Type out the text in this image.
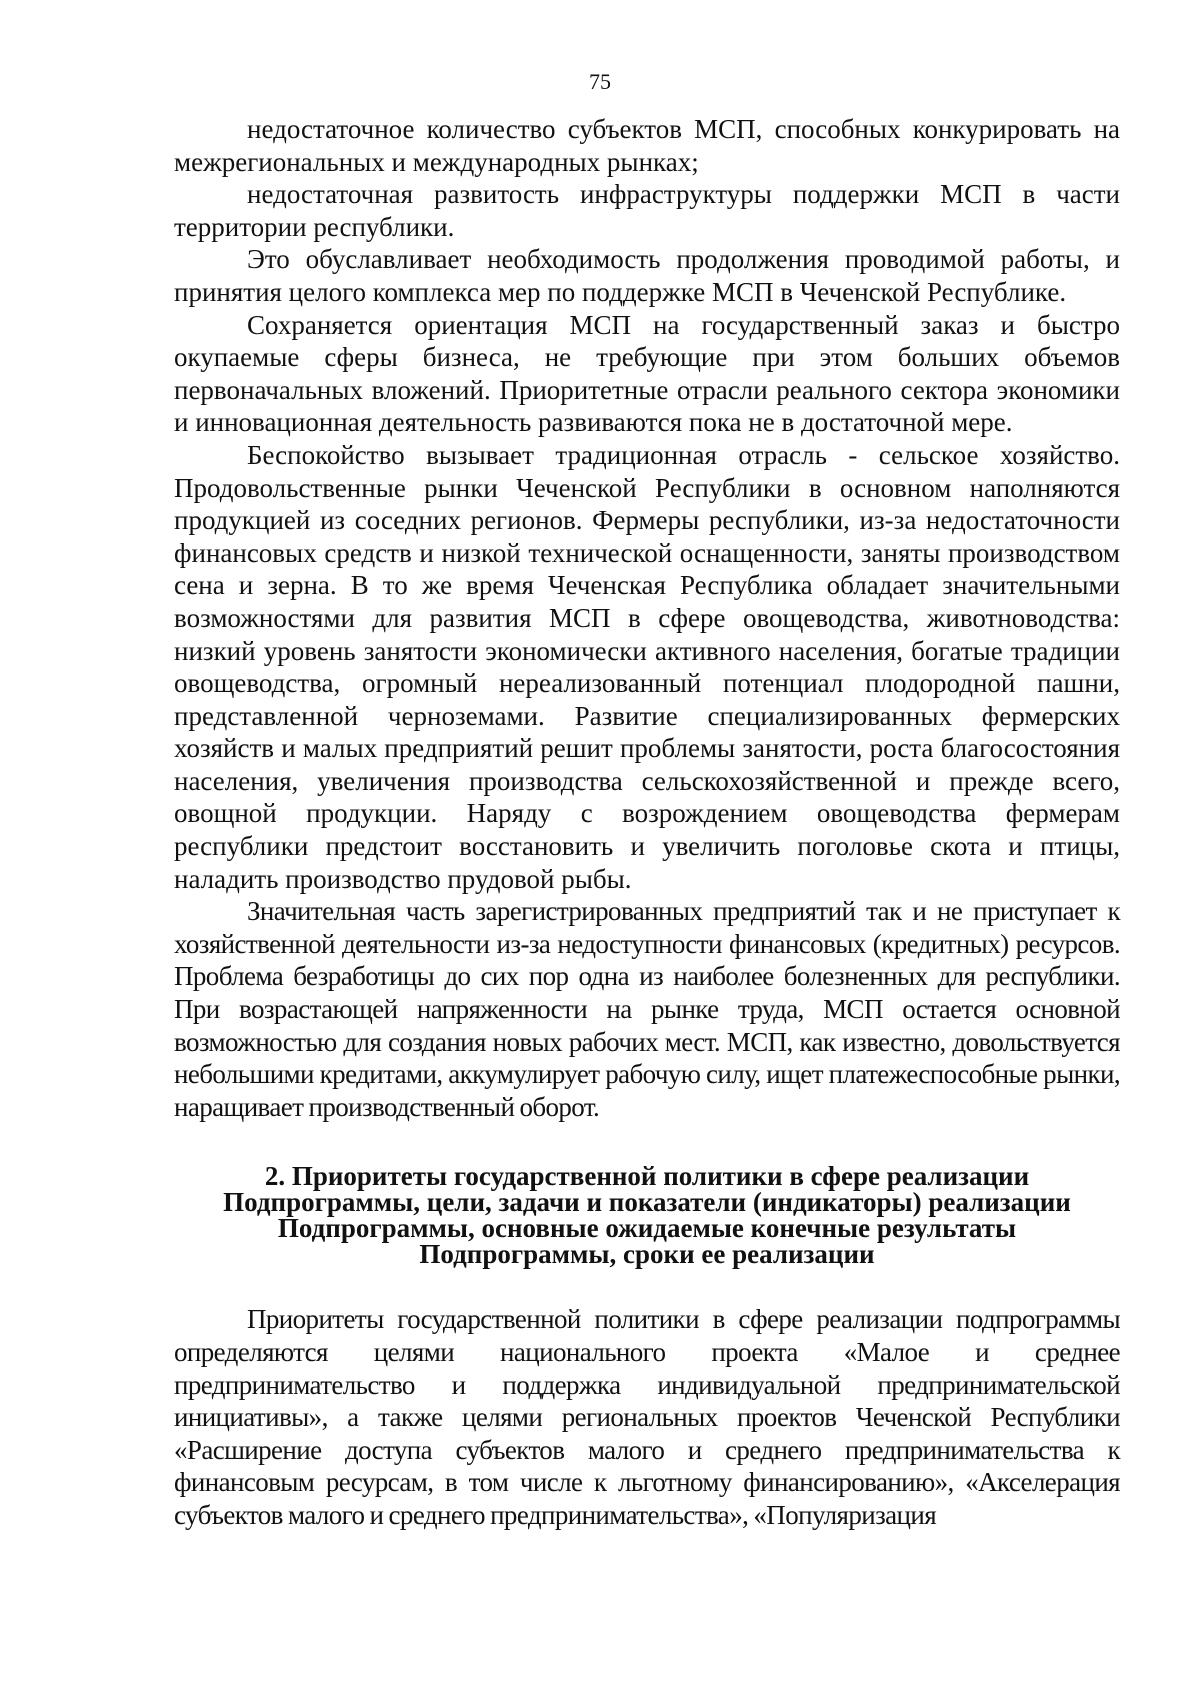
75

недостаточное количество субъектов МСП, способных конкурировать на межрегиональных и международных рынках;

недостаточная развитость инфраструктуры поддержки МСП в части территории республики.

Это обуславливает необходимость продолжения проводимой работы, и принятия целого комплекса мер по поддержке МСП в Чеченской Республике.

Сохраняется ориентация МСП на государственный заказ и быстро окупаемые сферы бизнеса, не требующие при этом больших объемов первоначальных вложений. Приоритетные отрасли реального сектора экономики и инновационная деятельность развиваются пока не в достаточной мере.

Беспокойство вызывает традиционная отрасль - сельское хозяйство. Продовольственные рынки Чеченской Республики в основном наполняются продукцией из соседних регионов. Фермеры республики, из-за недостаточности финансовых средств и низкой технической оснащенности, заняты производством сена и зерна. В то же время Чеченская Республика обладает значительными возможностями для развития МСП в сфере овощеводства, животноводства: низкий уровень занятости экономически активного населения, богатые традиции овощеводства, огромный нереализованный потенциал плодородной пашни, представленной черноземами. Развитие специализированных фермерских хозяйств и малых предприятий решит проблемы занятости, роста благосостояния населения, увеличения производства сельскохозяйственной и прежде всего, овощной продукции. Наряду с возрождением овощеводства фермерам республики предстоит восстановить и увеличить поголовье скота и птицы, наладить производство прудовой рыбы.

Значительная часть зарегистрированных предприятий так и не приступает к хозяйственной деятельности из-за недоступности финансовых (кредитных) ресурсов. Проблема безработицы до сих пор одна из наиболее болезненных для республики. При возрастающей напряженности на рынке труда, МСП остается основной возможностью для создания новых рабочих мест. МСП, как известно, довольствуется небольшими кредитами, аккумулирует рабочую силу, ищет платежеспособные рынки, наращивает производственный оборот.

2. Приоритеты государственной политики в сфере реализации
Подпрограммы, цели, задачи и показатели (индикаторы) реализации
Подпрограммы, основные ожидаемые конечные результаты
Подпрограммы, сроки ее реализации

Приоритеты государственной политики в сфере реализации подпрограммы определяются целями национального проекта «Малое и среднее предпринимательство и поддержка индивидуальной предпринимательской инициативы», а также целями региональных проектов Чеченской Республики «Расширение доступа субъектов малого и среднего предпринимательства к финансовым ресурсам, в том числе к льготному финансированию», «Акселерация субъектов малого и среднего предпринимательства», «Популяризация
